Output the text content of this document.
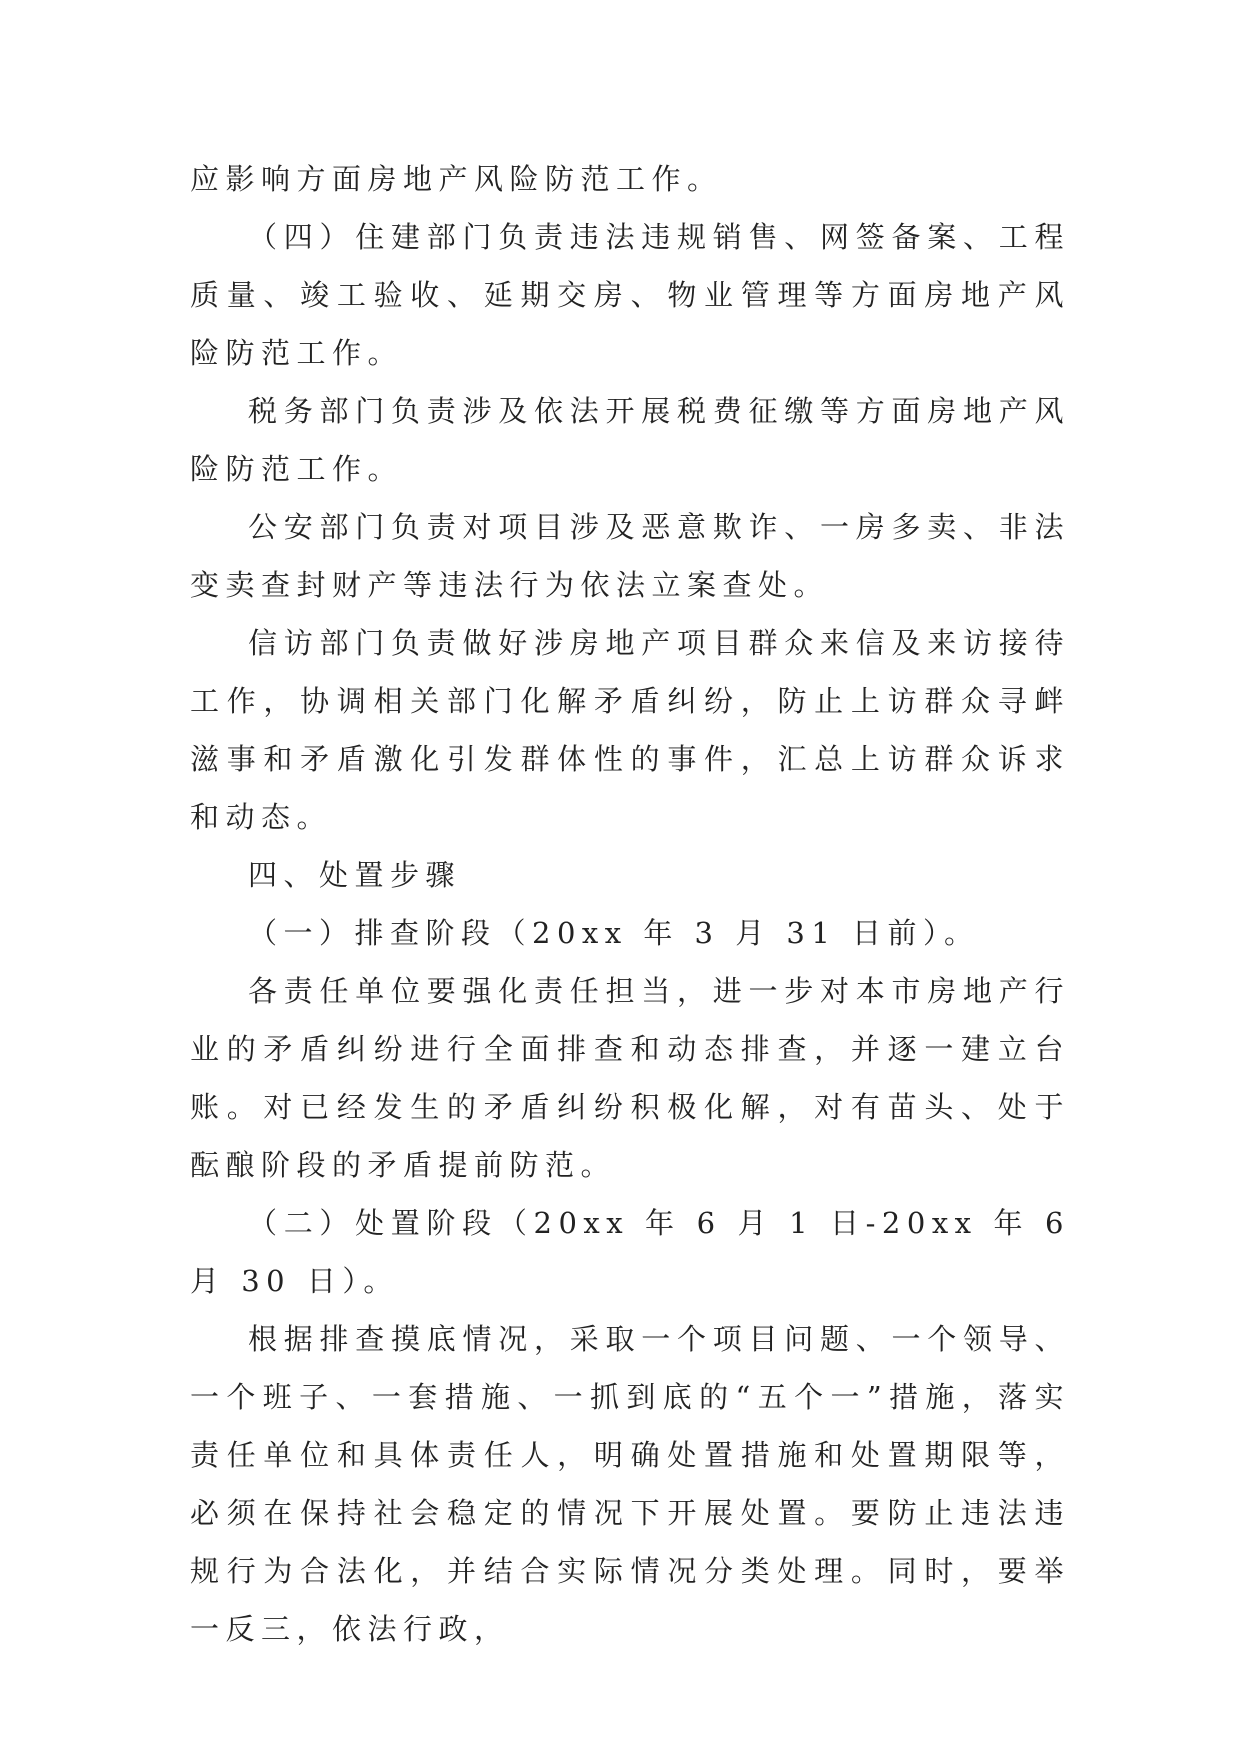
应影响方面房地产风险防范工作。

（四）住建部门负责违法违规销售、网签备案、工程质量、竣工验收、延期交房、物业管理等方面房地产风险防范工作。

税务部门负责涉及依法开展税费征缴等方面房地产风险防范工作。

公安部门负责对项目涉及恶意欺诈、一房多卖、非法变卖查封财产等违法行为依法立案查处。

信访部门负责做好涉房地产项目群众来信及来访接待工作，协调相关部门化解矛盾纠纷，防止上访群众寻衅滋事和矛盾激化引发群体性的事件，汇总上访群众诉求和动态。

四、处置步骤

（一）排查阶段（20xx 年 3 月 31 日前）。

各责任单位要强化责任担当，进一步对本市房地产行业的矛盾纠纷进行全面排查和动态排查，并逐一建立台账。对已经发生的矛盾纠纷积极化解，对有苗头、处于酝酿阶段的矛盾提前防范。

（二）处置阶段（20xx 年 6 月 1 日-20xx 年 6 月 30 日）。

根据排查摸底情况，采取一个项目问题、一个领导、一个班子、一套措施、一抓到底的“五个一”措施，落实责任单位和具体责任人，明确处置措施和处置期限等，必须在保持社会稳定的情况下开展处置。要防止违法违规行为合法化，并结合实际情况分类处理。同时，要举一反三，依法行政，
